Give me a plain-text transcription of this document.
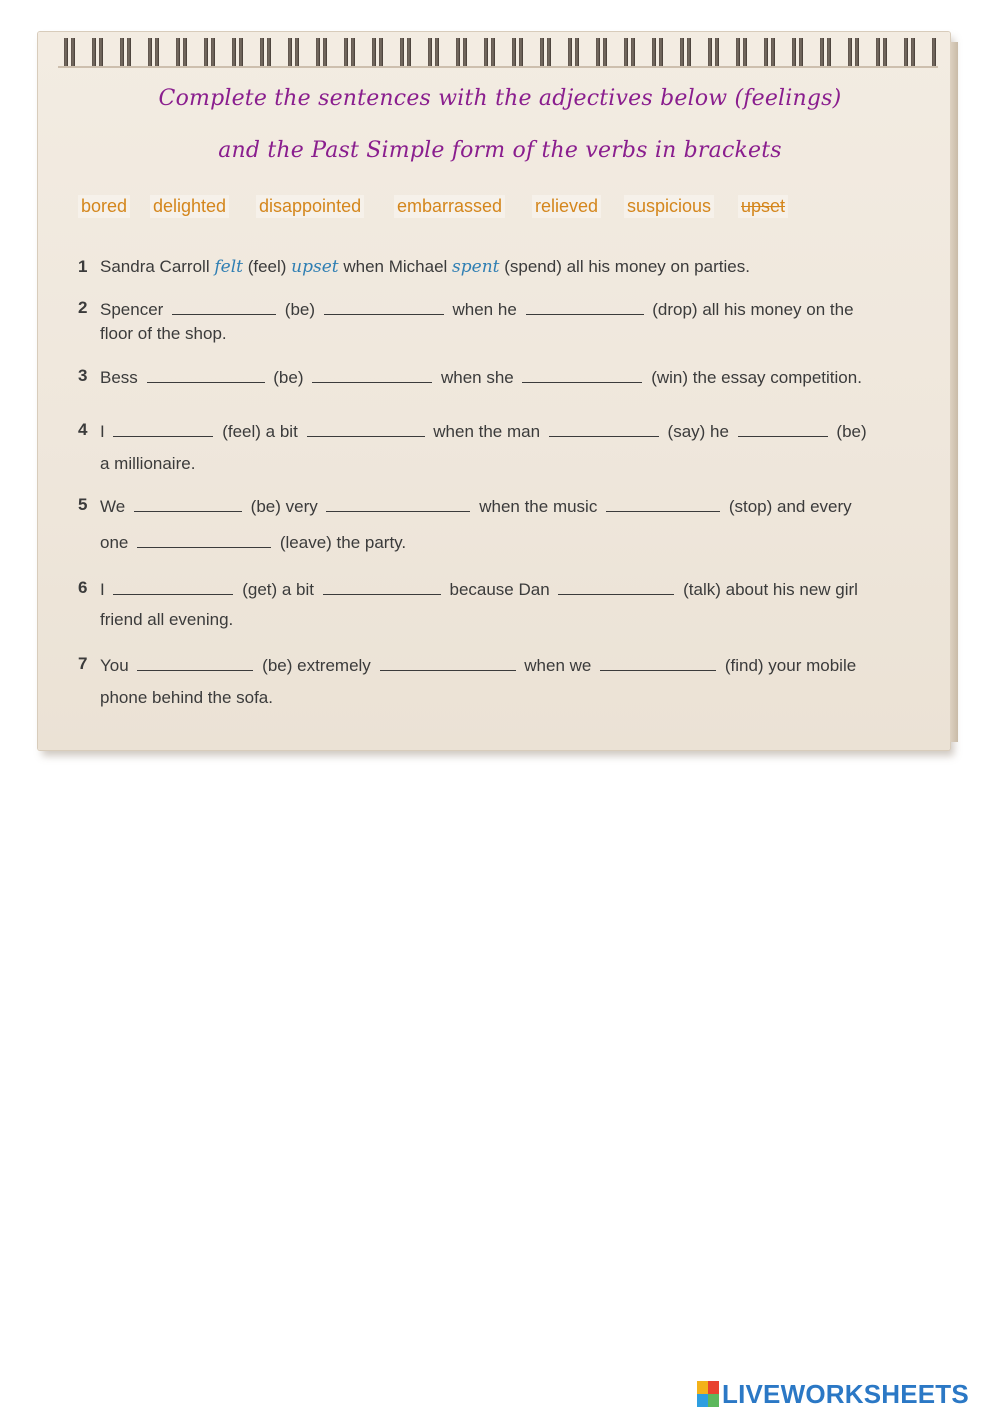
Complete the sentences with the adjectives below (feelings)
and the Past Simple form of the verbs in brackets
bored delighted disappointed embarrassed relieved suspicious upset
1 Sandra Carroll felt (feel) upset when Michael spent (spend) all his money on parties.
2 Spencer	(be)	when he	(drop) all his money on the
floor of the shop.
3 Bess	(be)	when she	(win) the essay competition.
4 I	(feel) a bit	when the man	(say) he	(be)
a millionaire.
5 We	(be) very	when the music	(stop) and every
one	(leave) the party.
6 I	(get) a bit	because Dan	(talk) about his new girl
friend all evening.
7 You	(be) extremely	when we	(find) your mobile
phone behind the sofa.
LIVEWORKSHEETS
